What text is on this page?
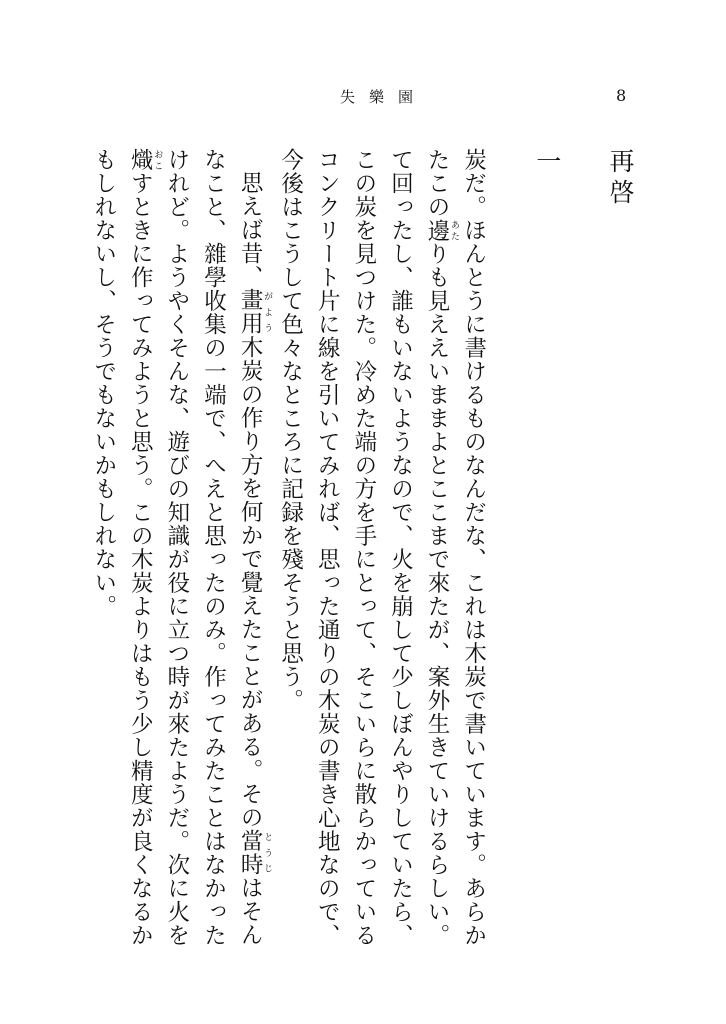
失樂園	8
再啓

一

炭だ。ほんとうに書けるものなんだな、これは木炭で書いています。あらかたこの邊 あたりも見ええいままよとここまで來たが、案外生きていけるらしい。

て回ったし、誰もいないようなので、火を崩して少しぼんやりしていたら、この炭を見つけた。冷めた端の方を手にとって、そこいらに散らかっているコンクリート片に線を引いてみれば、思った通りの木炭の書き心地なので、今後はこうして色々なところに記録を殘そうと思う。

思えば昔、畫用 がよう木炭の作り方を何かで覺えたことがある。その當時 とうじはそんなこと、雜學收集の一端で、へえと思ったのみ。作ってみたことはなかったけれど。ようやくそんな、遊びの知識が役に立つ時が來たようだ。次に火を熾 おこすときに作ってみようと思う。この木炭よりはもう少し精度が良くなるかもしれないし、そうでもないかもしれない。
